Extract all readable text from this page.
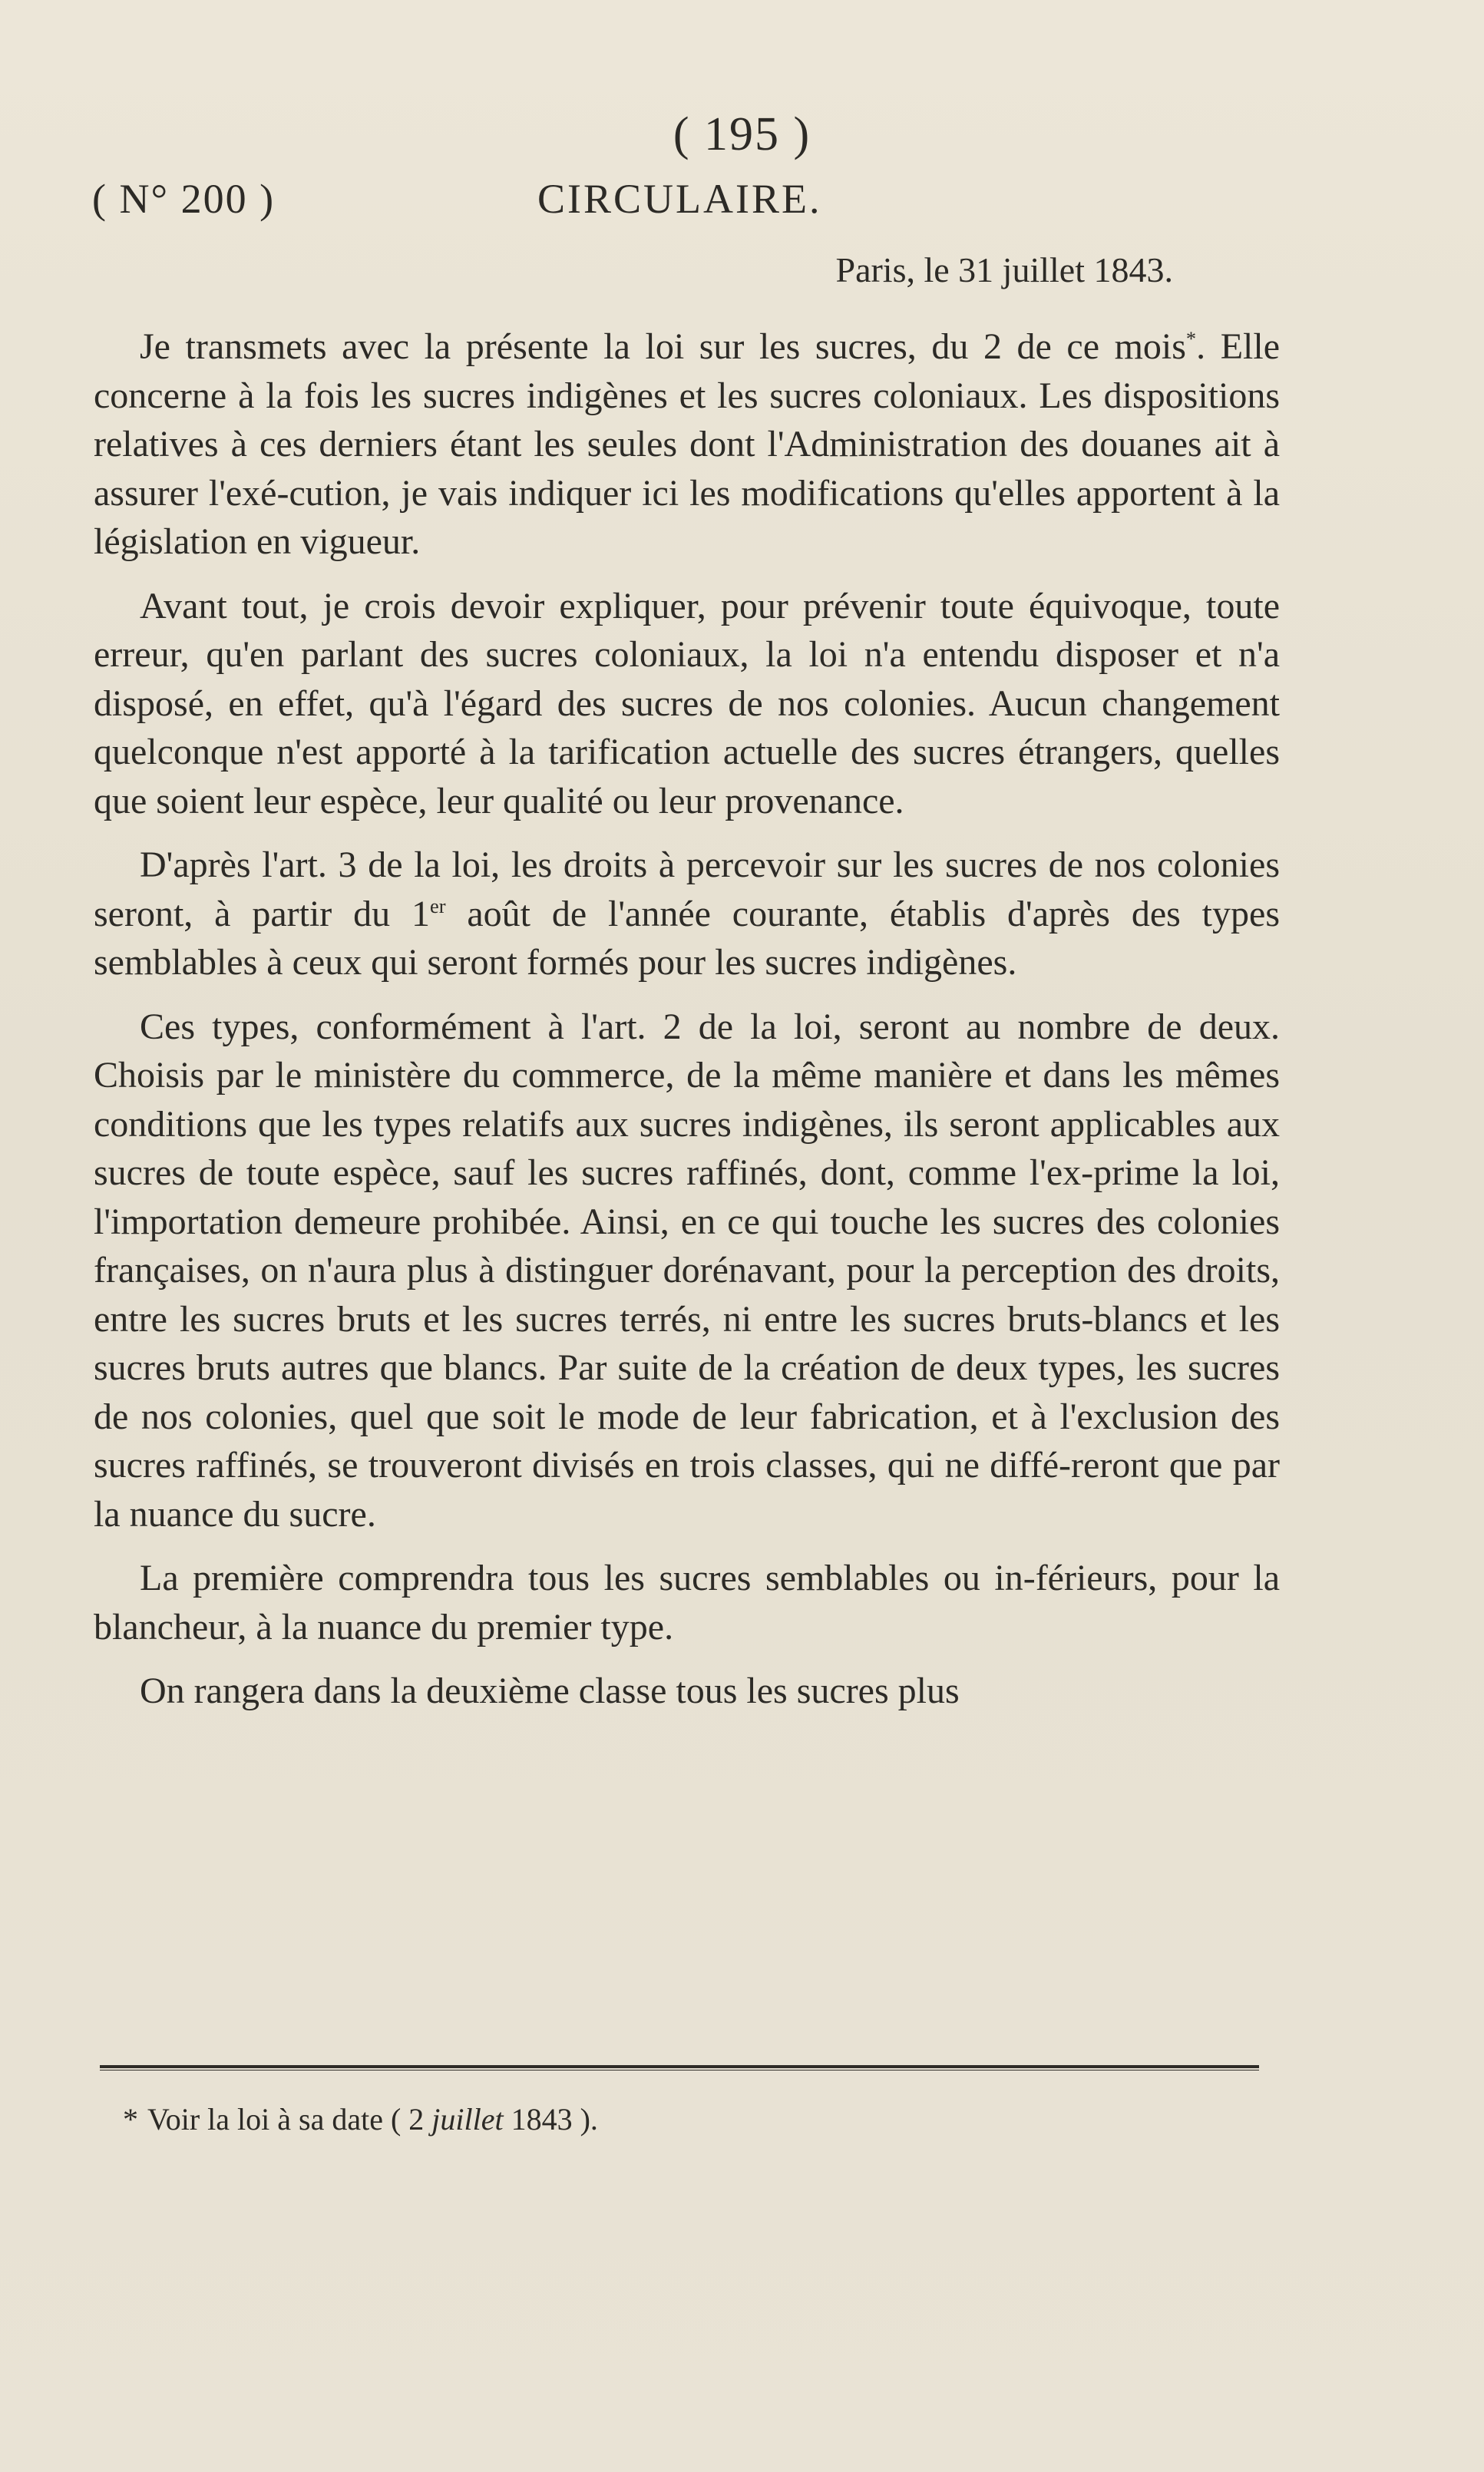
( 195 )
( N° 200 )	CIRCULAIRE.
Paris, le 31 juillet 1843.

Je transmets avec la présente la loi sur les sucres, du 2 de ce mois*. Elle concerne à la fois les sucres indigènes et les sucres coloniaux. Les dispositions relatives à ces derniers étant les seules dont l'Administration des douanes ait à assurer l'exé-cution, je vais indiquer ici les modifications qu'elles apportent à la législation en vigueur.

Avant tout, je crois devoir expliquer, pour prévenir toute équivoque, toute erreur, qu'en parlant des sucres coloniaux, la loi n'a entendu disposer et n'a disposé, en effet, qu'à l'égard des sucres de nos colonies. Aucun changement quelconque n'est apporté à la tarification actuelle des sucres étrangers, quelles que soient leur espèce, leur qualité ou leur provenance.

D'après l'art. 3 de la loi, les droits à percevoir sur les sucres de nos colonies seront, à partir du 1er août de l'année courante, établis d'après des types semblables à ceux qui seront formés pour les sucres indigènes.

Ces types, conformément à l'art. 2 de la loi, seront au nombre de deux. Choisis par le ministère du commerce, de la même manière et dans les mêmes conditions que les types relatifs aux sucres indigènes, ils seront applicables aux sucres de toute espèce, sauf les sucres raffinés, dont, comme l'ex-prime la loi, l'importation demeure prohibée. Ainsi, en ce qui touche les sucres des colonies françaises, on n'aura plus à distinguer dorénavant, pour la perception des droits, entre les sucres bruts et les sucres terrés, ni entre les sucres bruts-blancs et les sucres bruts autres que blancs. Par suite de la création de deux types, les sucres de nos colonies, quel que soit le mode de leur fabrication, et à l'exclusion des sucres raffinés, se trouveront divisés en trois classes, qui ne diffé-reront que par la nuance du sucre.

La première comprendra tous les sucres semblables ou in-férieurs, pour la blancheur, à la nuance du premier type.

On rangera dans la deuxième classe tous les sucres plus

* Voir la loi à sa date ( 2 juillet 1843 ).
